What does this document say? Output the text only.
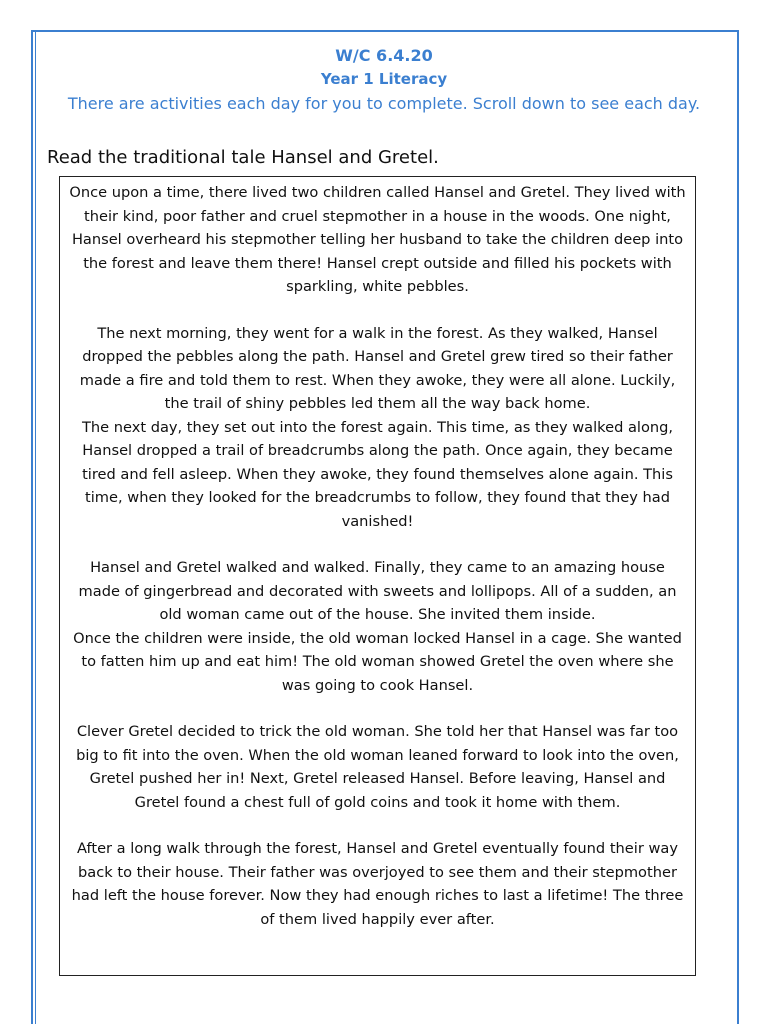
W/C 6.4.20
Year 1 Literacy
There are activities each day for you to complete. Scroll down to see each day.
Read the traditional tale Hansel and Gretel.

Once upon a time, there lived two children called Hansel and Gretel. They lived with their kind, poor father and cruel stepmother in a house in the woods. One night, Hansel overheard his stepmother telling her husband to take the children deep into the forest and leave them there! Hansel crept outside and filled his pockets with sparkling, white pebbles.

The next morning, they went for a walk in the forest. As they walked, Hansel dropped the pebbles along the path. Hansel and Gretel grew tired so their father made a fire and told them to rest. When they awoke, they were all alone. Luckily, the trail of shiny pebbles led them all the way back home.

The next day, they set out into the forest again. This time, as they walked along, Hansel dropped a trail of breadcrumbs along the path. Once again, they became tired and fell asleep. When they awoke, they found themselves alone again. This time, when they looked for the breadcrumbs to follow, they found that they had vanished!

Hansel and Gretel walked and walked. Finally, they came to an amazing house made of gingerbread and decorated with sweets and lollipops. All of a sudden, an old woman came out of the house. She invited them inside.

Once the children were inside, the old woman locked Hansel in a cage. She wanted to fatten him up and eat him! The old woman showed Gretel the oven where she was going to cook Hansel.

Clever Gretel decided to trick the old woman. She told her that Hansel was far too big to fit into the oven. When the old woman leaned forward to look into the oven, Gretel pushed her in! Next, Gretel released Hansel. Before leaving, Hansel and Gretel found a chest full of gold coins and took it home with them.

After a long walk through the forest, Hansel and Gretel eventually found their way back to their house. Their father was overjoyed to see them and their stepmother had left the house forever. Now they had enough riches to last a lifetime! The three of them lived happily ever after.
